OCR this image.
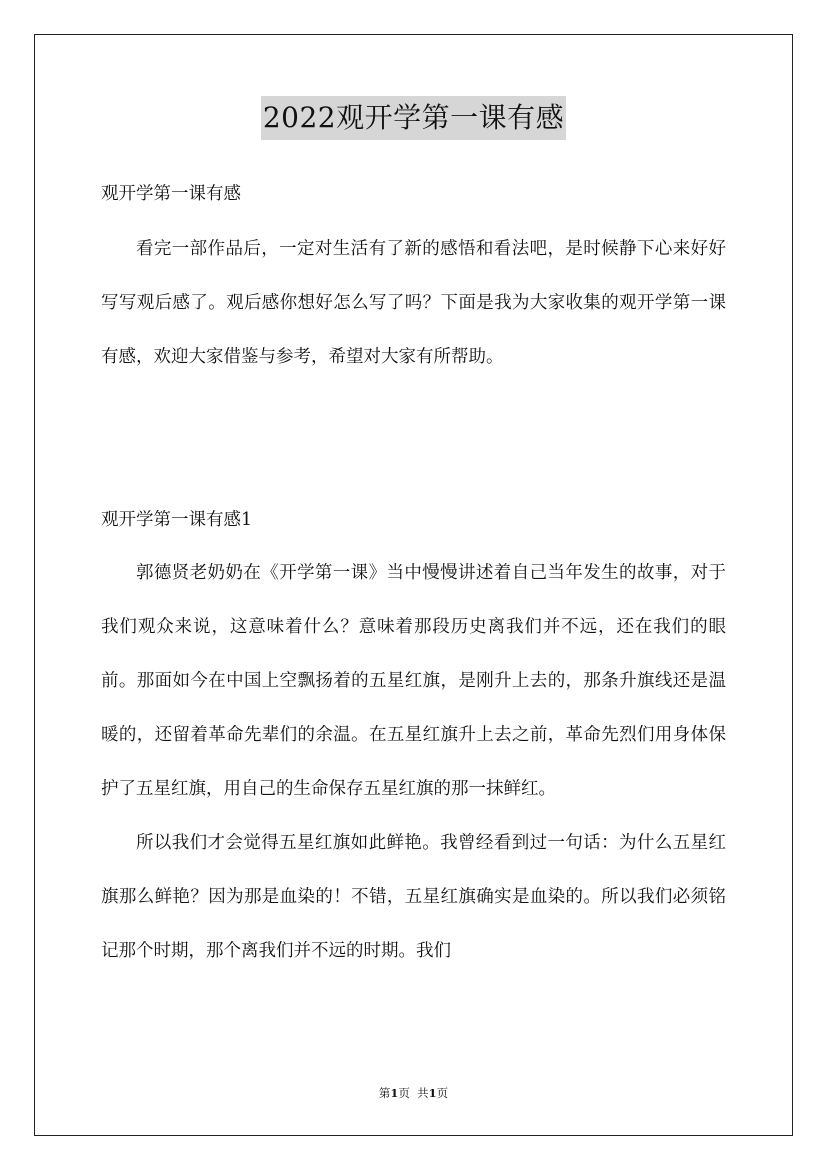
2022观开学第一课有感
观开学第一课有感

看完一部作品后，一定对生活有了新的感悟和看法吧，是时候静下心来好好写写观后感了。观后感你想好怎么写了吗？下面是我为大家收集的观开学第一课有感，欢迎大家借鉴与参考，希望对大家有所帮助。

观开学第一课有感1

郭德贤老奶奶在《开学第一课》当中慢慢讲述着自己当年发生的故事，对于我们观众来说，这意味着什么？意味着那段历史离我们并不远，还在我们的眼前。那面如今在中国上空飘扬着的五星红旗，是刚升上去的，那条升旗线还是温暖的，还留着革命先辈们的余温。在五星红旗升上去之前，革命先烈们用身体保护了五星红旗，用自己的生命保存五星红旗的那一抹鲜红。

所以我们才会觉得五星红旗如此鲜艳。我曾经看到过一句话：为什么五星红旗那么鲜艳？因为那是血染的！不错，五星红旗确实是血染的。所以我们必须铭记那个时期，那个离我们并不远的时期。我们

第1页 共1页
